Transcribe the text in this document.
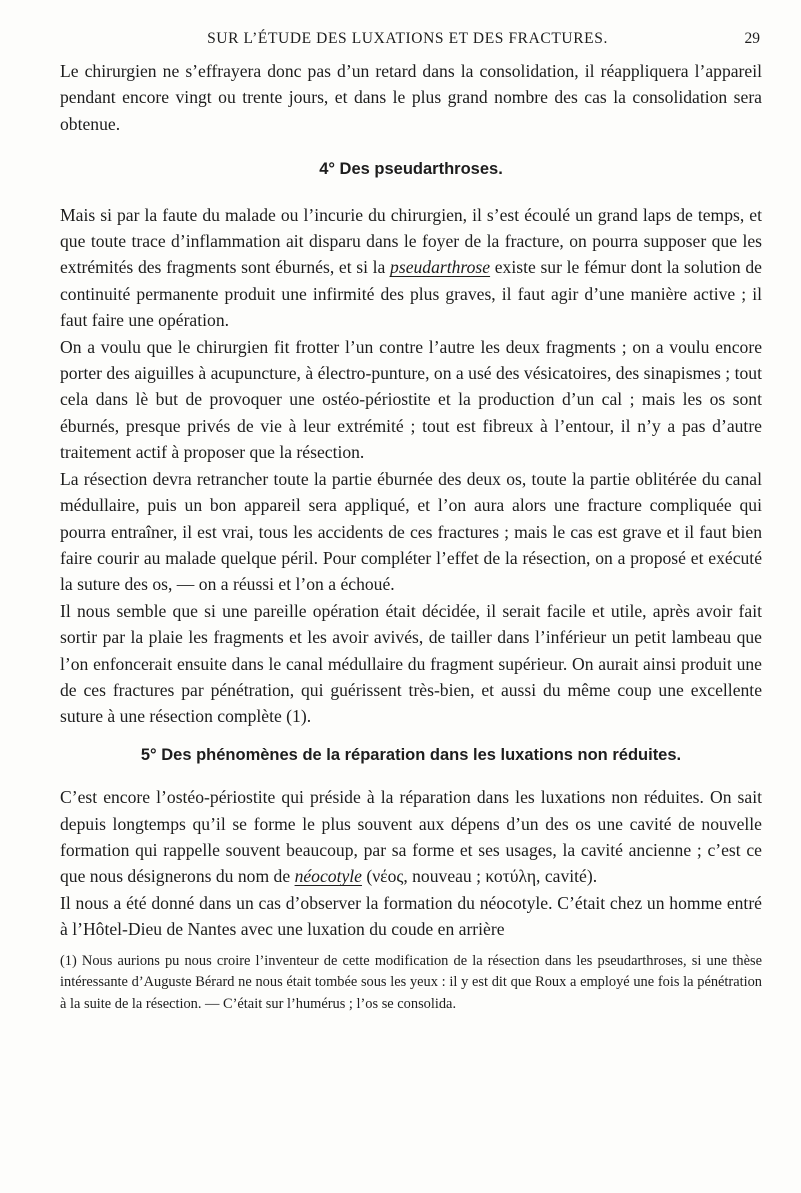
SUR L’ÉTUDE DES LUXATIONS ET DES FRACTURES.	29

Le chirurgien ne s’effrayera donc pas d’un retard dans la consolidation, il réappliquera l’appareil pendant encore vingt ou trente jours, et dans le plus grand nombre des cas la consolidation sera obtenue.

4° Des pseudarthroses.

Mais si par la faute du malade ou l’incurie du chirurgien, il s’est écoulé un grand laps de temps, et que toute trace d’inflammation ait disparu dans le foyer de la fracture, on pourra supposer que les extrémités des fragments sont éburnés, et si la pseudarthrose existe sur le fémur dont la solution de continuité permanente produit une infirmité des plus graves, il faut agir d’une manière active ; il faut faire une opération.

On a voulu que le chirurgien fit frotter l’un contre l’autre les deux fragments ; on a voulu encore porter des aiguilles à acupuncture, à électro-punture, on a usé des vésicatoires, des sinapismes ; tout cela dans lè but de provoquer une ostéo-périostite et la production d’un cal ; mais les os sont éburnés, presque privés de vie à leur extrémité ; tout est fibreux à l’entour, il n’y a pas d’autre traitement actif à proposer que la résection.

La résection devra retrancher toute la partie éburnée des deux os, toute la partie oblitérée du canal médullaire, puis un bon appareil sera appliqué, et l’on aura alors une fracture compliquée qui pourra entraîner, il est vrai, tous les accidents de ces fractures ; mais le cas est grave et il faut bien faire courir au malade quelque péril. Pour compléter l’effet de la résection, on a proposé et exécuté la suture des os, — on a réussi et l’on a échoué.

Il nous semble que si une pareille opération était décidée, il serait facile et utile, après avoir fait sortir par la plaie les fragments et les avoir avivés, de tailler dans l’inférieur un petit lambeau que l’on enfoncerait ensuite dans le canal médullaire du fragment supérieur. On aurait ainsi produit une de ces fractures par pénétration, qui guérissent très-bien, et aussi du même coup une excellente suture à une résection complète (1).

5° Des phénomènes de la réparation dans les luxations non réduites.

C’est encore l’ostéo-périostite qui préside à la réparation dans les luxations non réduites. On sait depuis longtemps qu’il se forme le plus souvent aux dépens d’un des os une cavité de nouvelle formation qui rappelle souvent beaucoup, par sa forme et ses usages, la cavité ancienne ; c’est ce que nous désignerons du nom de néocotyle (νέος, nouveau ; κοτύλη, cavité).

Il nous a été donné dans un cas d’observer la formation du néocotyle. C’était chez un homme entré à l’Hôtel-Dieu de Nantes avec une luxation du coude en arrière

(1) Nous aurions pu nous croire l’inventeur de cette modification de la résection dans les pseudarthroses, si une thèse intéressante d’Auguste Bérard ne nous était tombée sous les yeux : il y est dit que Roux a employé une fois la pénétration à la suite de la résection. — C’était sur l’humérus ; l’os se consolida.
